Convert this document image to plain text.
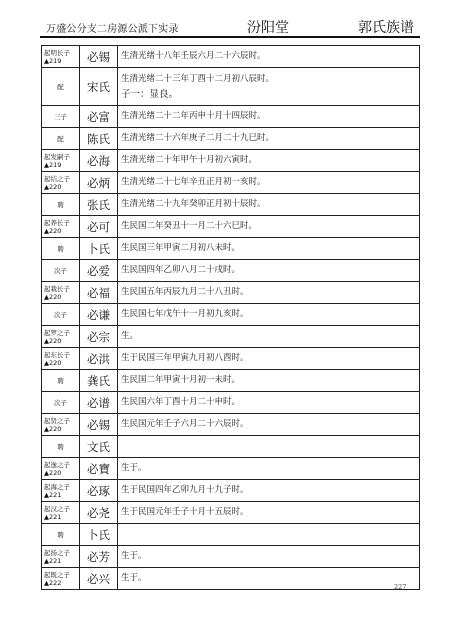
万盛公分支二房源公派下实录	汾阳堂	郭氏族谱
起明长子
▲219	必锡	生清光绪十八年壬辰六月二十六辰时。

配	宋氏	生清光绪二十三年丁酉十二月初八辰时。
子一：显良。

三子	必富	生清光绪二十二年丙申十月十四辰时。

配	陈氏	生清光绪二十六年庚子二月二十九巳时。

起发嗣子
▲219	必海	生清光绪二十年甲午十月初六寅时。

起结之子
▲220	必炳	生清光绪二十七年辛丑正月初一亥时。

聘	张氏	生清光绪二十九年癸卯正月初十辰时。

起养长子
▲220	必可	生民国二年癸丑十一月二十六巳时。

聘	卜氏	生民国三年甲寅二月初八未时。

次子	必爱	生民国四年乙卯八月二十戌时。

起栽长子
▲220	必福	生民国五年丙辰九月二十八丑时。

次子	必谦	生民国七年戊午十一月初九亥时。

起罗之子
▲220	必宗	生。

起东长子
▲220	必洪	生于民国三年甲寅九月初八酉时。

聘	龚氏	生民国二年甲寅十月初一未时。

次子	必谱	生民国六年丁酉十月二十申时。

起贤之子
▲220	必锡	生民国元年壬子六月二十六辰时。

聘	文氏	

起逸之子
▲220	必寶	生于。

起海之子
▲221	必琢	生于民国四年乙卯九月十九子时。

起汉之子
▲221	必尧	生于民国元年壬子十月十五辰时。

聘	卜氏	

起扬之子
▲221	必芳	生于。

起既之子
▲222	必兴	生于。
227
